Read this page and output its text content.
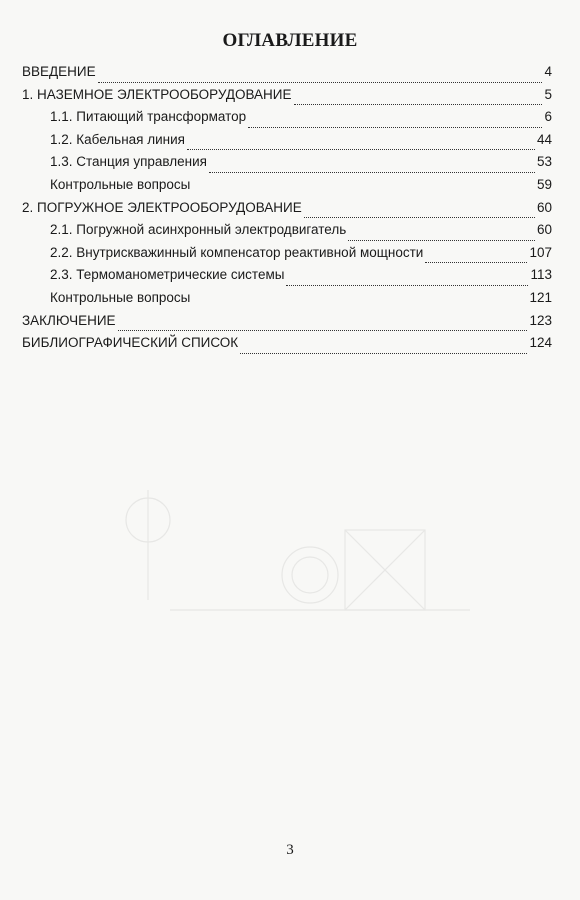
ОГЛАВЛЕНИЕ
ВВЕДЕНИЕ	4
1. НАЗЕМНОЕ ЭЛЕКТРООБОРУДОВАНИЕ	5
1.1. Питающий трансформатор	6
1.2. Кабельная линия	44
1.3. Станция управления	53
Контрольные вопросы	59
2. ПОГРУЖНОЕ ЭЛЕКТРООБОРУДОВАНИЕ	60
2.1. Погружной асинхронный электродвигатель	60
2.2. Внутрискважинный компенсатор реактивной мощности	107
2.3. Термоманометрические системы	113
Контрольные вопросы	121
ЗАКЛЮЧЕНИЕ	123
БИБЛИОГРАФИЧЕСКИЙ СПИСОК	124
3
